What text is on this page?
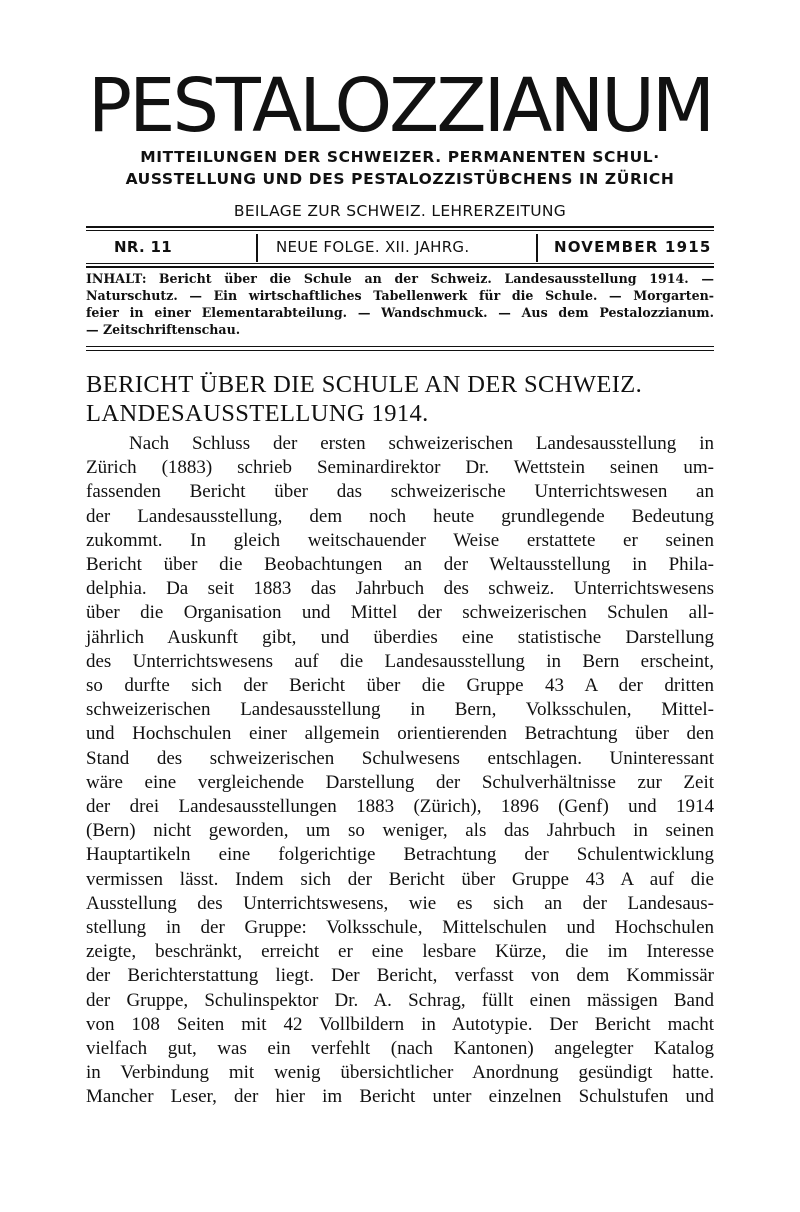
PESTALOZZIANUM
MITTEILUNGEN DER SCHWEIZER. PERMANENTEN SCHUL·
AUSSTELLUNG UND DES PESTALOZZISTÜBCHENS IN ZÜRICH
BEILAGE ZUR SCHWEIZ. LEHRERZEITUNG
NR. 11	NEUE FOLGE. XII. JAHRG.	NOVEMBER 1915
INHALT: Bericht über die Schule an der Schweiz. Landesausstellung 1914. —
Naturschutz. — Ein wirtschaftliches Tabellenwerk für die Schule. — Morgarten-
feier in einer Elementarabteilung. — Wandschmuck. — Aus dem Pestalozzianum.
— Zeitschriftenschau.
BERICHT ÜBER DIE SCHULE AN DER SCHWEIZ.
LANDESAUSSTELLUNG 1914.
Nach Schluss der ersten schweizerischen Landesausstellung in
Zürich (1883) schrieb Seminardirektor Dr. Wettstein seinen um-
fassenden Bericht über das schweizerische Unterrichtswesen an
der Landesausstellung, dem noch heute grundlegende Bedeutung
zukommt. In gleich weitschauender Weise erstattete er seinen
Bericht über die Beobachtungen an der Weltausstellung in Phila-
delphia. Da seit 1883 das Jahrbuch des schweiz. Unterrichtswesens
über die Organisation und Mittel der schweizerischen Schulen all-
jährlich Auskunft gibt, und überdies eine statistische Darstellung
des Unterrichtswesens auf die Landesausstellung in Bern erscheint,
so durfte sich der Bericht über die Gruppe 43 A der dritten
schweizerischen Landesausstellung in Bern, Volksschulen, Mittel-
und Hochschulen einer allgemein orientierenden Betrachtung über den
Stand des schweizerischen Schulwesens entschlagen. Uninteressant
wäre eine vergleichende Darstellung der Schulverhältnisse zur Zeit
der drei Landesausstellungen 1883 (Zürich), 1896 (Genf) und 1914
(Bern) nicht geworden, um so weniger, als das Jahrbuch in seinen
Hauptartikeln eine folgerichtige Betrachtung der Schulentwicklung
vermissen lässt. Indem sich der Bericht über Gruppe 43 A auf die
Ausstellung des Unterrichtswesens, wie es sich an der Landesaus-
stellung in der Gruppe: Volksschule, Mittelschulen und Hochschulen
zeigte, beschränkt, erreicht er eine lesbare Kürze, die im Interesse
der Berichterstattung liegt. Der Bericht, verfasst von dem Kommissär
der Gruppe, Schulinspektor Dr. A. Schrag, füllt einen mässigen Band
von 108 Seiten mit 42 Vollbildern in Autotypie. Der Bericht macht
vielfach gut, was ein verfehlt (nach Kantonen) angelegter Katalog
in Verbindung mit wenig übersichtlicher Anordnung gesündigt hatte.
Mancher Leser, der hier im Bericht unter einzelnen Schulstufen und
